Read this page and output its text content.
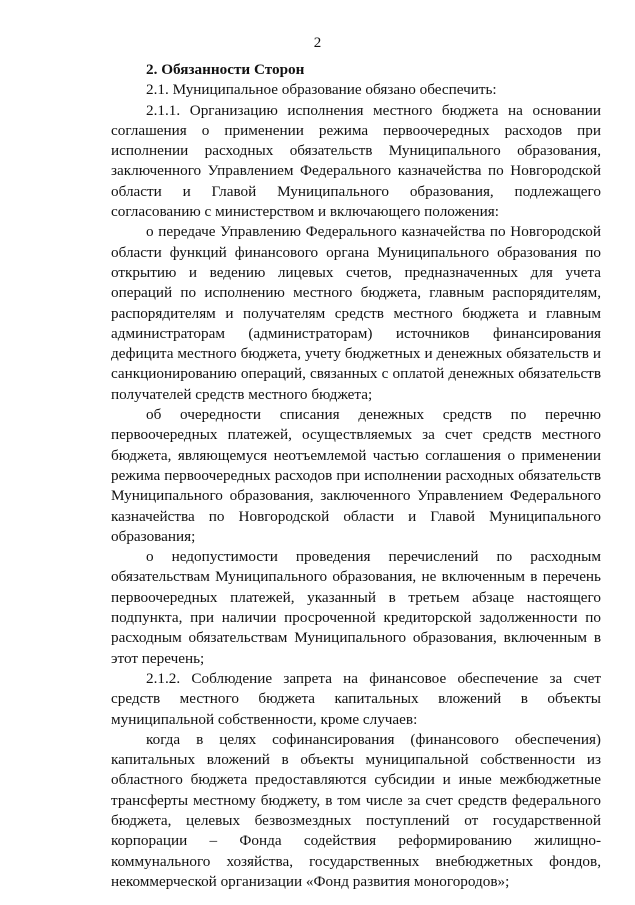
2

2. Обязанности Сторон

2.1. Муниципальное образование обязано обеспечить:

2.1.1. Организацию исполнения местного бюджета на основании соглашения о применении режима первоочередных расходов при исполнении расходных обязательств Муниципального образования, заключенного Управлением Федерального казначейства по Новгородской области и Главой Муниципального образования, подлежащего согласованию с министерством и включающего положения:

о передаче Управлению Федерального казначейства по Новгородской области функций финансового органа Муниципального образования по открытию и ведению лицевых счетов, предназначенных для учета операций по исполнению местного бюджета, главным распорядителям, распорядителям и получателям средств местного бюджета и главным администраторам (администраторам) источников финансирования дефицита местного бюджета, учету бюджетных и денежных обязательств и санкционированию операций, связанных с оплатой денежных обязательств получателей средств местного бюджета;

об очередности списания денежных средств по перечню первоочередных платежей, осуществляемых за счет средств местного бюджета, являющемуся неотъемлемой частью соглашения о применении режима первоочередных расходов при исполнении расходных обязательств Муниципального образования, заключенного Управлением Федерального казначейства по Новгородской области и Главой Муниципального образования;

о недопустимости проведения перечислений по расходным обязательствам Муниципального образования, не включенным в перечень первоочередных платежей, указанный в третьем абзаце настоящего подпункта, при наличии просроченной кредиторской задолженности по расходным обязательствам Муниципального образования, включенным в этот перечень;

2.1.2. Соблюдение запрета на финансовое обеспечение за счет средств местного бюджета капитальных вложений в объекты муниципальной собственности, кроме случаев:

когда в целях софинансирования (финансового обеспечения) капитальных вложений в объекты муниципальной собственности из областного бюджета предоставляются субсидии и иные межбюджетные трансферты местному бюджету, в том числе за счет средств федерального бюджета, целевых безвозмездных поступлений от государственной корпорации – Фонда содействия реформированию жилищно-коммунального хозяйства, государственных внебюджетных фондов, некоммерческой организации «Фонд развития моногородов»;
